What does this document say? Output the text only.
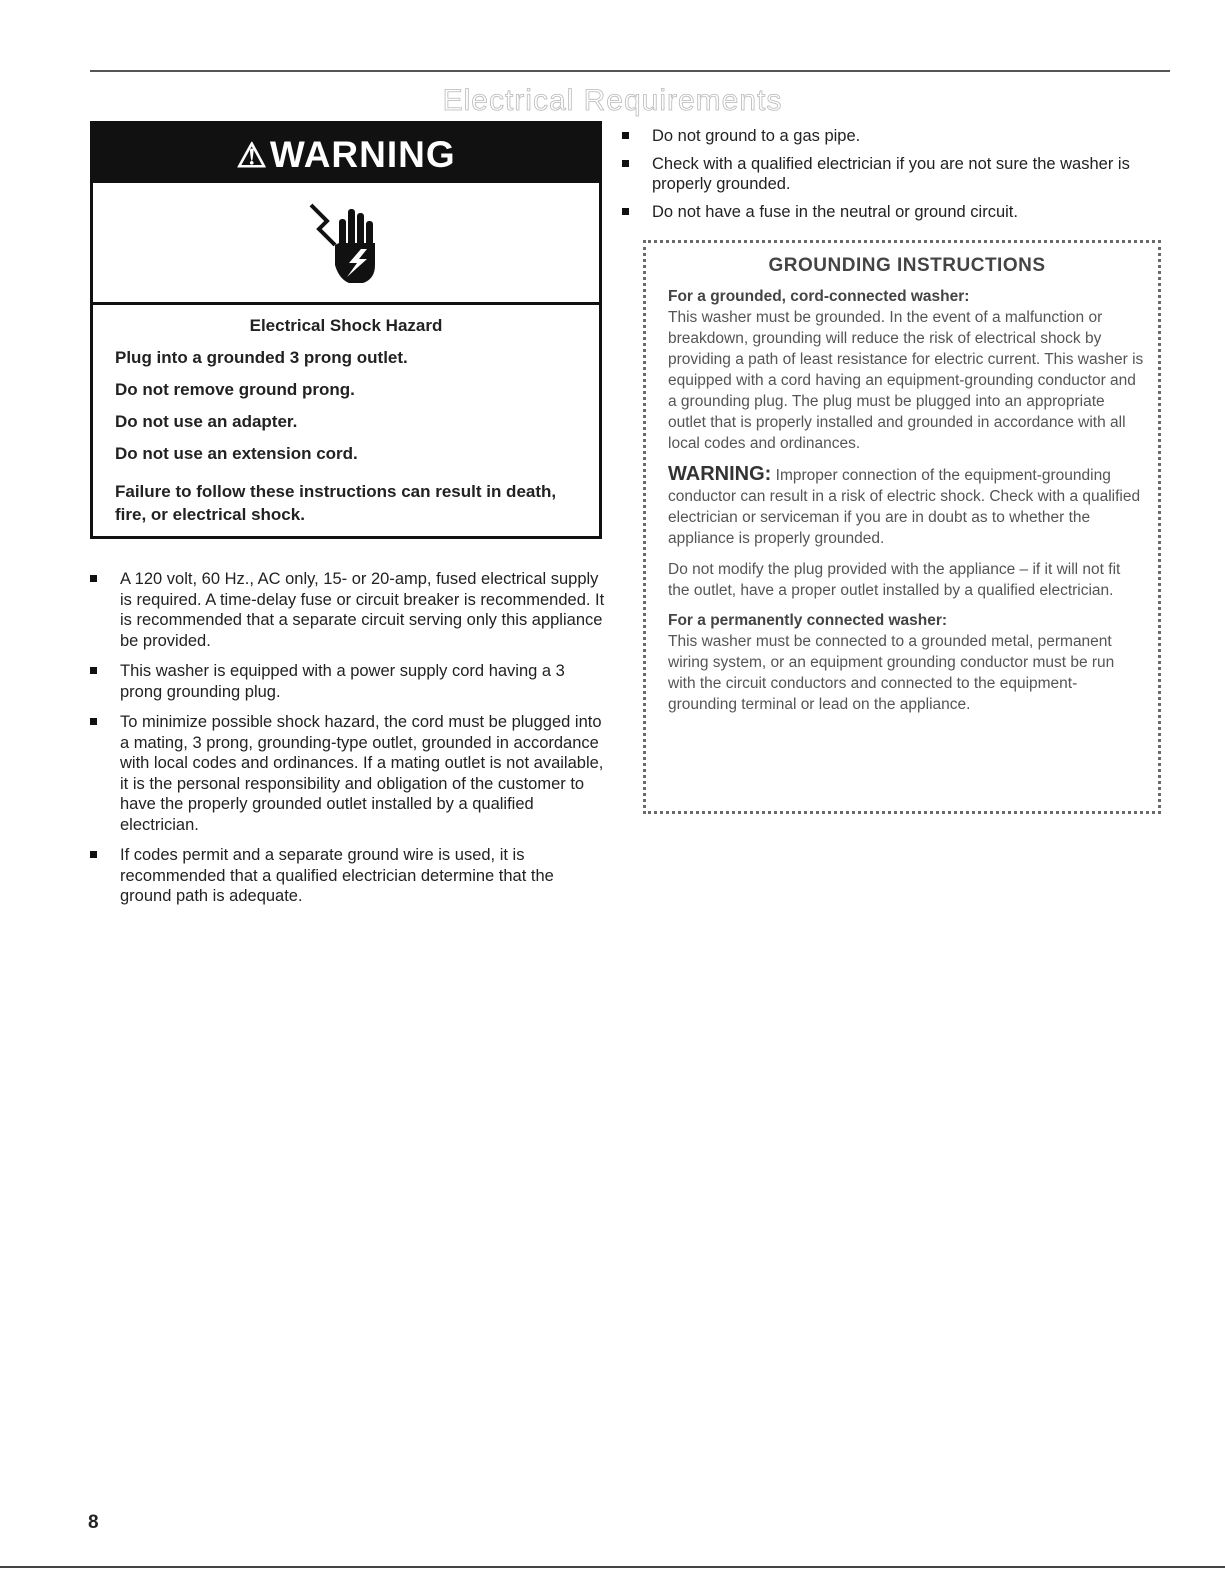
Electrical Requirements
⚠WARNING
Electrical Shock Hazard

Plug into a grounded 3 prong outlet.

Do not remove ground prong.

Do not use an adapter.

Do not use an extension cord.

Failure to follow these instructions can result in death, fire, or electrical shock.

A 120 volt, 60 Hz., AC only, 15- or 20-amp, fused electrical supply is required. A time-delay fuse or circuit breaker is recommended. It is recommended that a separate circuit serving only this appliance be provided.
This washer is equipped with a power supply cord having a 3 prong grounding plug.
To minimize possible shock hazard, the cord must be plugged into a mating, 3 prong, grounding-type outlet, grounded in accordance with local codes and ordinances. If a mating outlet is not available, it is the personal responsibility and obligation of the customer to have the properly grounded outlet installed by a qualified electrician.
If codes permit and a separate ground wire is used, it is recommended that a qualified electrician determine that the ground path is adequate.
Do not ground to a gas pipe.
Check with a qualified electrician if you are not sure the washer is properly grounded.
Do not have a fuse in the neutral or ground circuit.
GROUNDING INSTRUCTIONS

For a grounded, cord-connected washer:

This washer must be grounded. In the event of a malfunction or breakdown, grounding will reduce the risk of electrical shock by providing a path of least resistance for electric current. This washer is equipped with a cord having an equipment-grounding conductor and a grounding plug. The plug must be plugged into an appropriate outlet that is properly installed and grounded in accordance with all local codes and ordinances.

WARNING: Improper connection of the equipment-grounding conductor can result in a risk of electric shock. Check with a qualified electrician or serviceman if you are in doubt as to whether the appliance is properly grounded.

Do not modify the plug provided with the appliance – if it will not fit the outlet, have a proper outlet installed by a qualified electrician.

For a permanently connected washer:

This washer must be connected to a grounded metal, permanent wiring system, or an equipment grounding conductor must be run with the circuit conductors and connected to the equipment-grounding terminal or lead on the appliance.

8
